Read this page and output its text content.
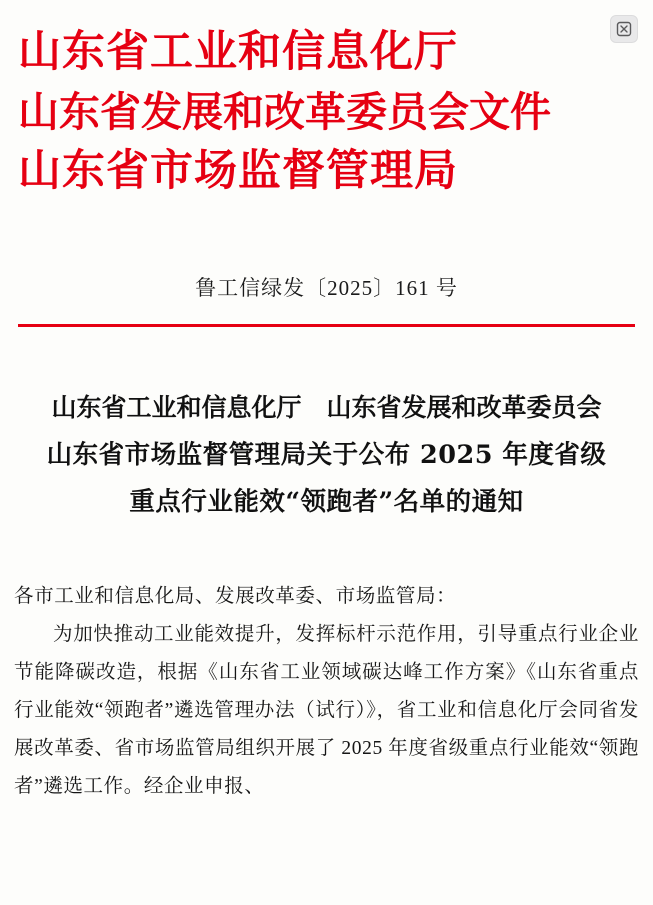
山东省工业和信息化厅
山东省发展和改革委员会文件
山东省市场监督管理局
鲁工信绿发〔2025〕161 号
山东省工业和信息化厅　山东省发展和改革委员会
山东省市场监督管理局关于公布 2025 年度省级
重点行业能效“领跑者”名单的通知

各市工业和信息化局、发展改革委、市场监管局：

为加快推动工业能效提升，发挥标杆示范作用，引导重点行业企业节能降碳改造，根据《山东省工业领域碳达峰工作方案》《山东省重点行业能效“领跑者”遴选管理办法（试行）》，省工业和信息化厅会同省发展改革委、省市场监管局组织开展了 2025 年度省级重点行业能效“领跑者”遴选工作。经企业申报、
